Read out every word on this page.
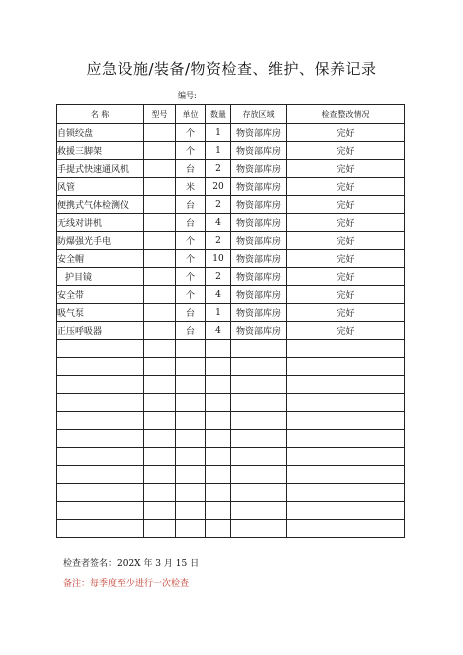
应急设施/装备/物资检查、维护、保养记录
编号:
名 称	型号	单位	数量	存放区域	检查整改情况
自锁绞盘		个	1	物资部库房	完好
救援三脚架		个	1	物资部库房	完好
手提式快速通风机		台	2	物资部库房	完好
风管		米	20	物资部库房	完好
便携式气体检测仪		台	2	物资部库房	完好
无线对讲机		台	4	物资部库房	完好
防爆强光手电		个	2	物资部库房	完好
安全帽		个	10	物资部库房	完好
护目镜		个	2	物资部库房	完好
安全带		个	4	物资部库房	完好
吸气泵		台	1	物资部库房	完好
正压呼吸器		台	4	物资部库房	完好

检查者签名：202X 年 3 月 15 日
备注：每季度至少进行一次检查
